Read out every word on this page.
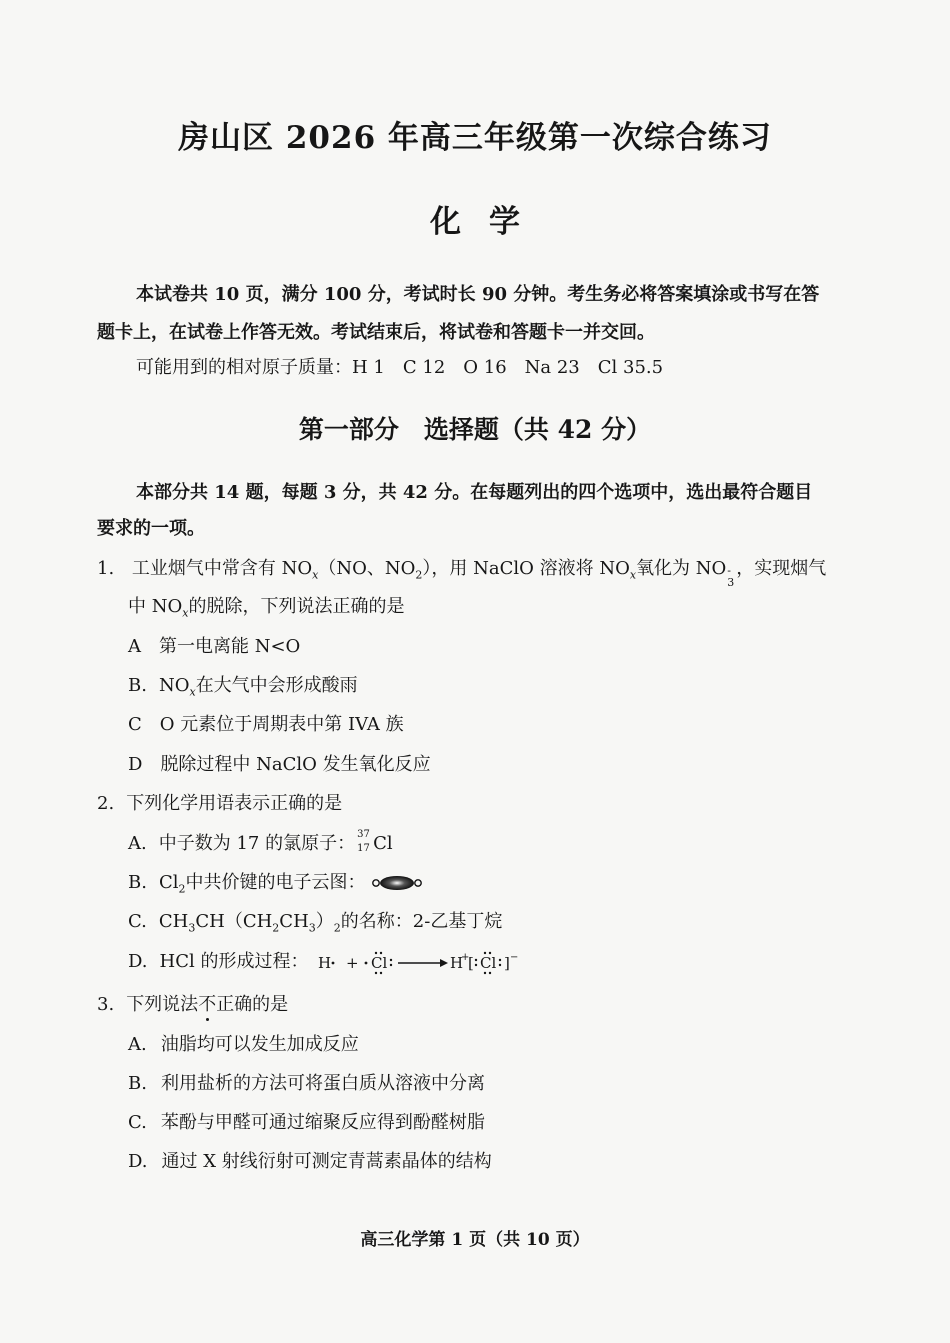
房山区 2026 年高三年级第一次综合练习
化学
本试卷共 10 页，满分 100 分，考试时长 90 分钟。考生务必将答案填涂或书写在答
题卡上，在试卷上作答无效。考试结束后，将试卷和答题卡一并交回。
可能用到的相对原子质量：H 1　C 12　O 16　Na 23　Cl 35.5
第一部分　选择题（共 42 分）
本部分共 14 题，每题 3 分，共 42 分。在每题列出的四个选项中，选出最符合题目
要求的一项。
1. 工业烟气中常含有 $NO_x(NO$、$NO_2$），用 NaClO 溶液将 $NO_x$氧化为 NO -
3
，实现烟气
中 $NO_x$的脱除，下列说法正确的是
A 第一电离能 N<O
B. $NO_x$在大气中会形成酸雨
C O 元素位于周期表中第 IVA 族
D 脱除过程中 NaClO 发生氧化反应
2. 下列化学用语表示正确的是
A. 中子数为 17 的氯原子： 37
17 Cl
B. $Cl_2$中共价键的电子云图：
C. $CH_3CH(CH_2CH_3)_2$的名称：2-乙基丁烷
D. HCl 的形成过程： H + Cl	H
+
[ Cl ] −
3. 下列说法不正确的是
A. 油脂均可以发生加成反应
B. 利用盐析的方法可将蛋白质从溶液中分离
C. 苯酚与甲醛可通过缩聚反应得到酚醛树脂
D. 通过 X 射线衍射可测定青蒿素晶体的结构
高三化学第 1 页（共 10 页）
